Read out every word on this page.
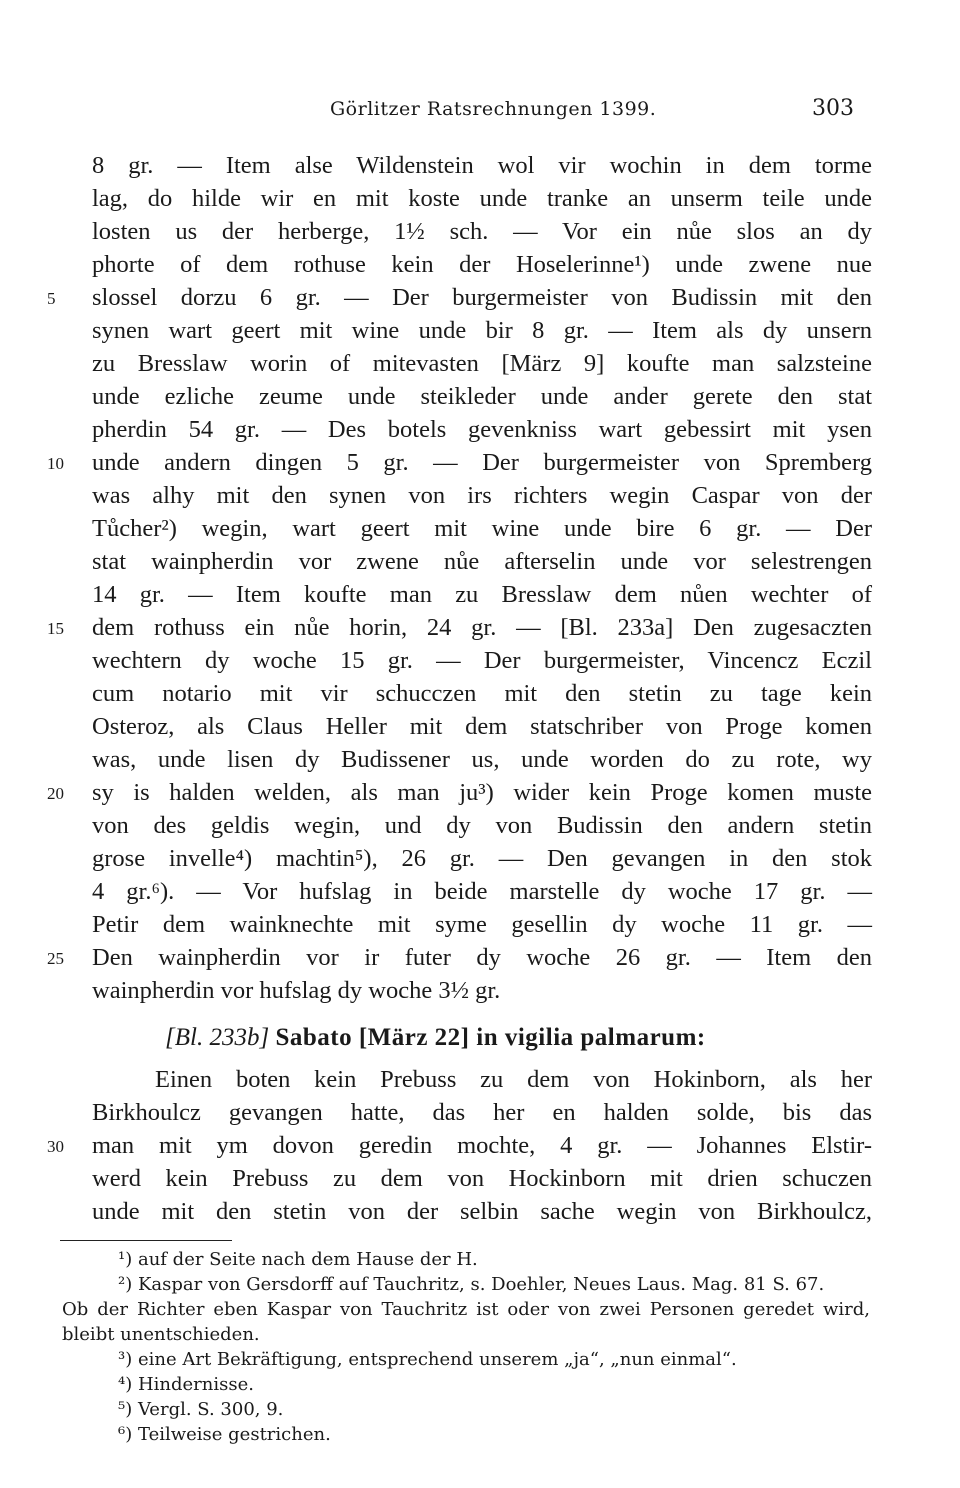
Görlitzer Ratsrechnungen 1399.	303
8 gr. — Item alse Wildenstein wol vir wochin in dem torme
lag, do hilde wir en mit koste unde tranke an unserm teile unde
losten us der herberge, 1½ sch. — Vor ein nůe slos an dy
phorte of dem rothuse kein der Hoselerinne¹) unde zwene nue
slossel dorzu 6 gr. — Der burgermeister von Budissin mit den
synen wart geert mit wine unde bir 8 gr. — Item als dy unsern
zu Bresslaw worin of mitevasten [März 9] koufte man salzsteine
unde ezliche zeume unde steikleder unde ander gerete den stat
pherdin 54 gr. — Des botels gevenkniss wart gebessirt mit ysen
unde andern dingen 5 gr. — Der burgermeister von Spremberg
was alhy mit den synen von irs richters wegin Caspar von der
Tůcher²) wegin, wart geert mit wine unde bire 6 gr. — Der
stat wainpherdin vor zwene nůe afterselin unde vor selestrengen
14 gr. — Item koufte man zu Bresslaw dem nůen wechter of
dem rothuss ein nůe horin, 24 gr. — [Bl. 233a] Den zugesaczten
wechtern dy woche 15 gr. — Der burgermeister, Vincencz Eczil
cum notario mit vir schucczen mit den stetin zu tage kein
Osteroz, als Claus Heller mit dem statschriber von Proge komen
was, unde lisen dy Budissener us, unde worden do zu rote, wy
sy is halden welden, als man ju³) wider kein Proge komen muste
von des geldis wegin, und dy von Budissin den andern stetin
grose invelle⁴) machtin⁵), 26 gr. — Den gevangen in den stok
4 gr.⁶). — Vor hufslag in beide marstelle dy woche 17 gr. —
Petir dem wainknechte mit syme gesellin dy woche 11 gr. —
Den wainpherdin vor ir futer dy woche 26 gr. — Item den
wainpherdin vor hufslag dy woche 3½ gr.
5
10
15
20
25
[Bl. 233b] Sabato [März 22] in vigilia palmarum:
Einen boten kein Prebuss zu dem von Hokinborn, als her
Birkhoulcz gevangen hatte, das her en halden solde, bis das
man mit ym dovon geredin mochte, 4 gr. — Johannes Elstir-
werd kein Prebuss zu dem von Hockinborn mit drien schuczen
unde mit den stetin von der selbin sache wegin von Birkhoulcz,
30
¹) auf der Seite nach dem Hause der H.
²) Kaspar von Gersdorff auf Tauchritz, s. Doehler, Neues Laus. Mag. 81 S. 67.
Ob der Richter eben Kaspar von Tauchritz ist oder von zwei Personen geredet wird,
bleibt unentschieden.
³) eine Art Bekräftigung, entsprechend unserem „ja“, „nun einmal“.
⁴) Hindernisse.
⁵) Vergl. S. 300, 9.
⁶) Teilweise gestrichen.
